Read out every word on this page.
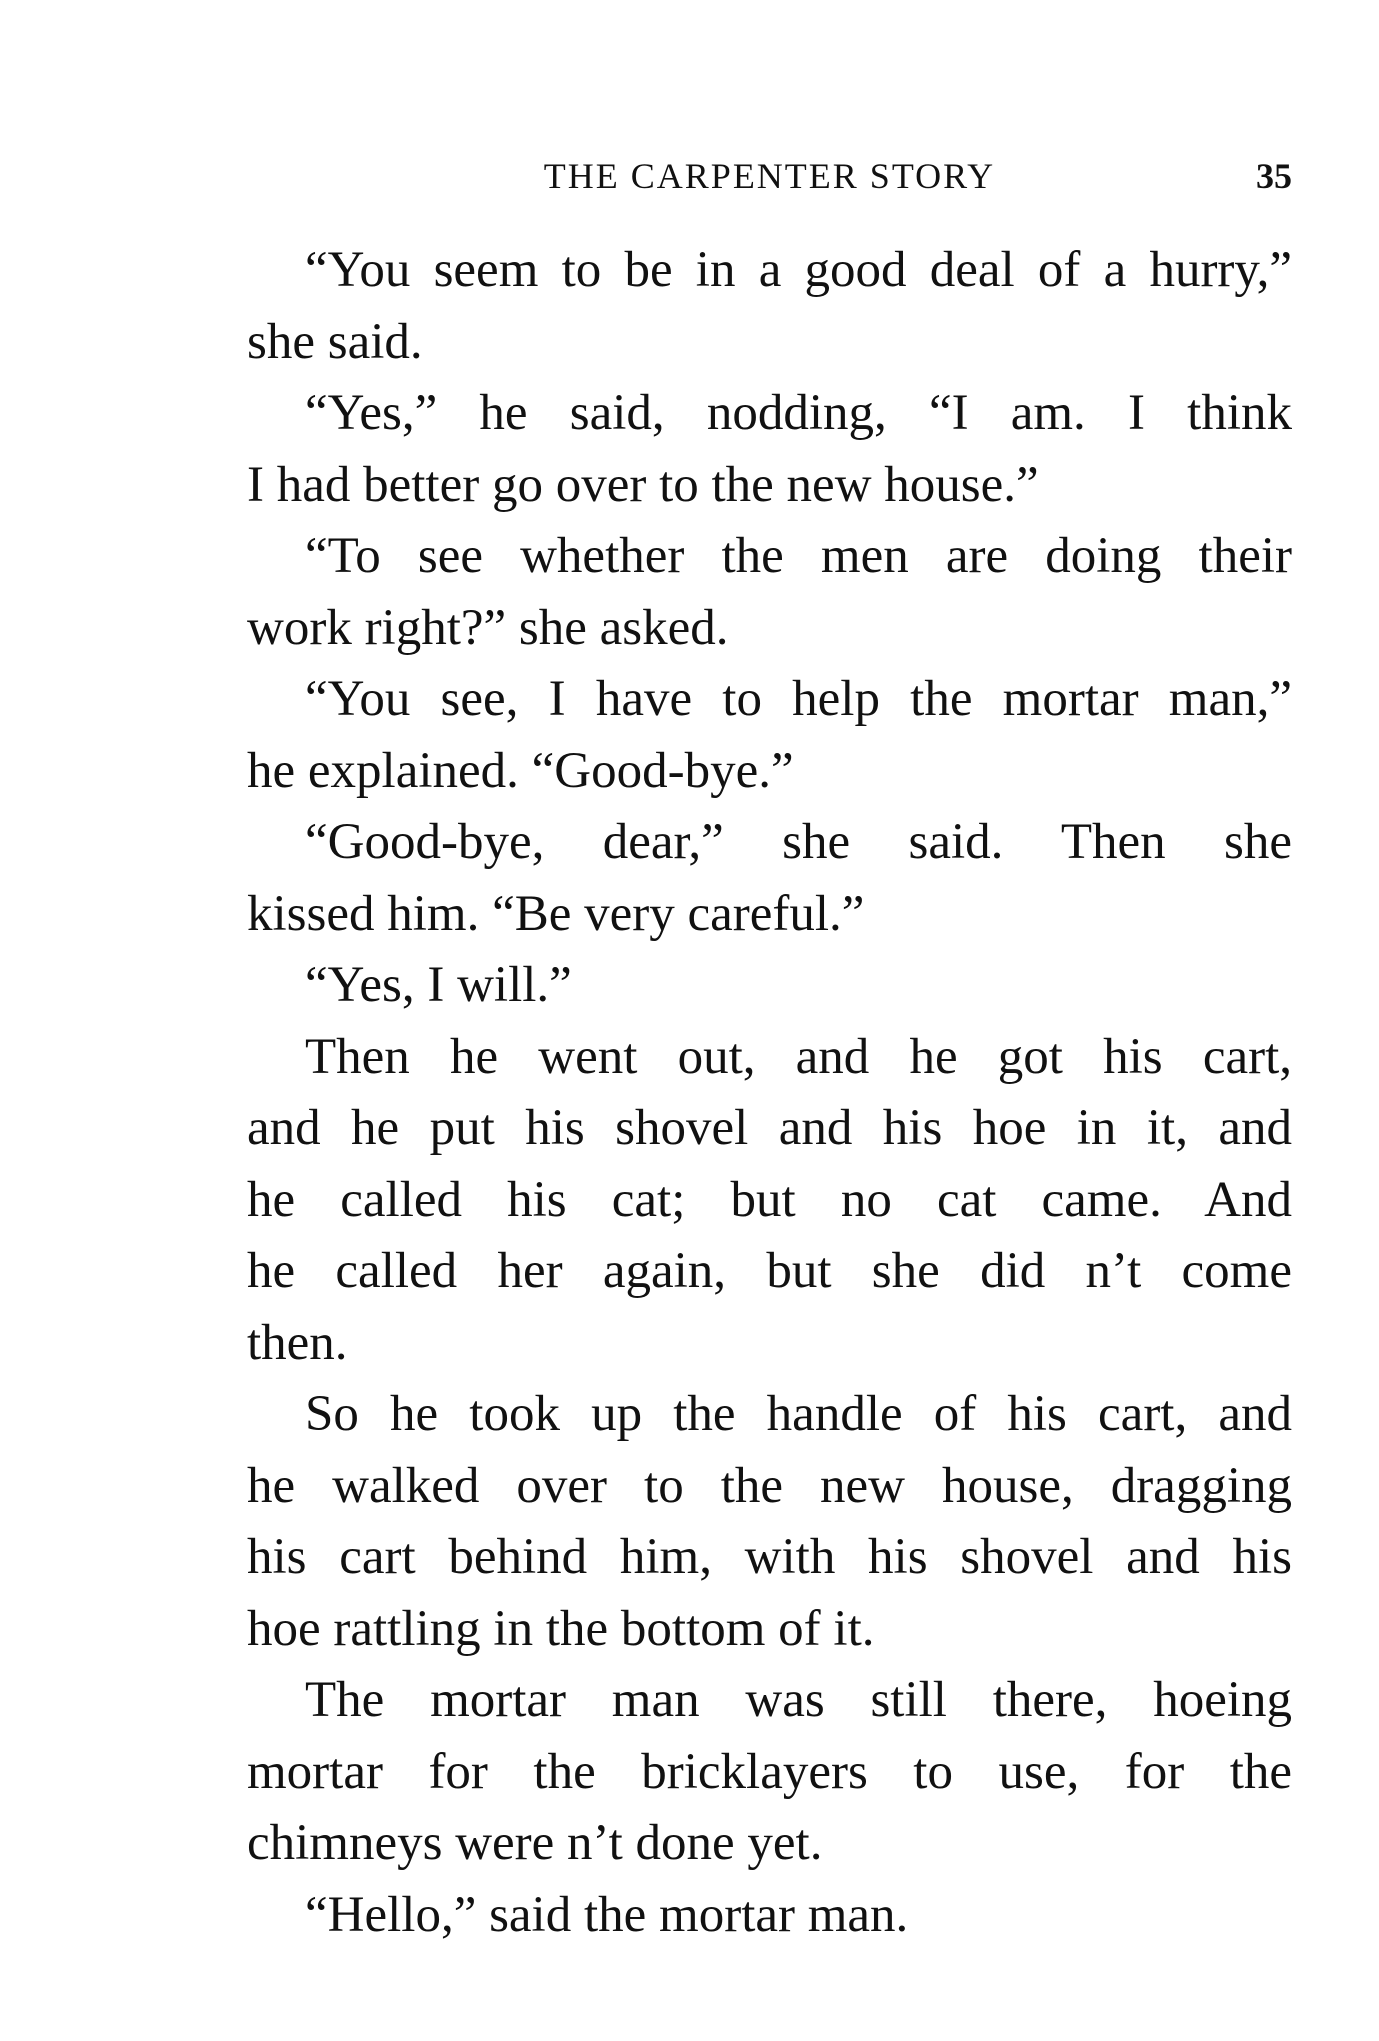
THE CARPENTER STORY	35
“You seem to be in a good deal of a hurry,”
she said.
“Yes,” he said, nodding, “I am. I think
I had better go over to the new house.”
“To see whether the men are doing their
work right?” she asked.
“You see, I have to help the mortar man,”
he explained. “Good-bye.”
“Good-bye, dear,” she said. Then she
kissed him. “Be very careful.”
“Yes, I will.”
Then he went out, and he got his cart,
and he put his shovel and his hoe in it, and
he called his cat; but no cat came. And
he called her again, but she did n’t come
then.
So he took up the handle of his cart, and
he walked over to the new house, dragging
his cart behind him, with his shovel and his
hoe rattling in the bottom of it.
The mortar man was still there, hoeing
mortar for the bricklayers to use, for the
chimneys were n’t done yet.
“Hello,” said the mortar man.
